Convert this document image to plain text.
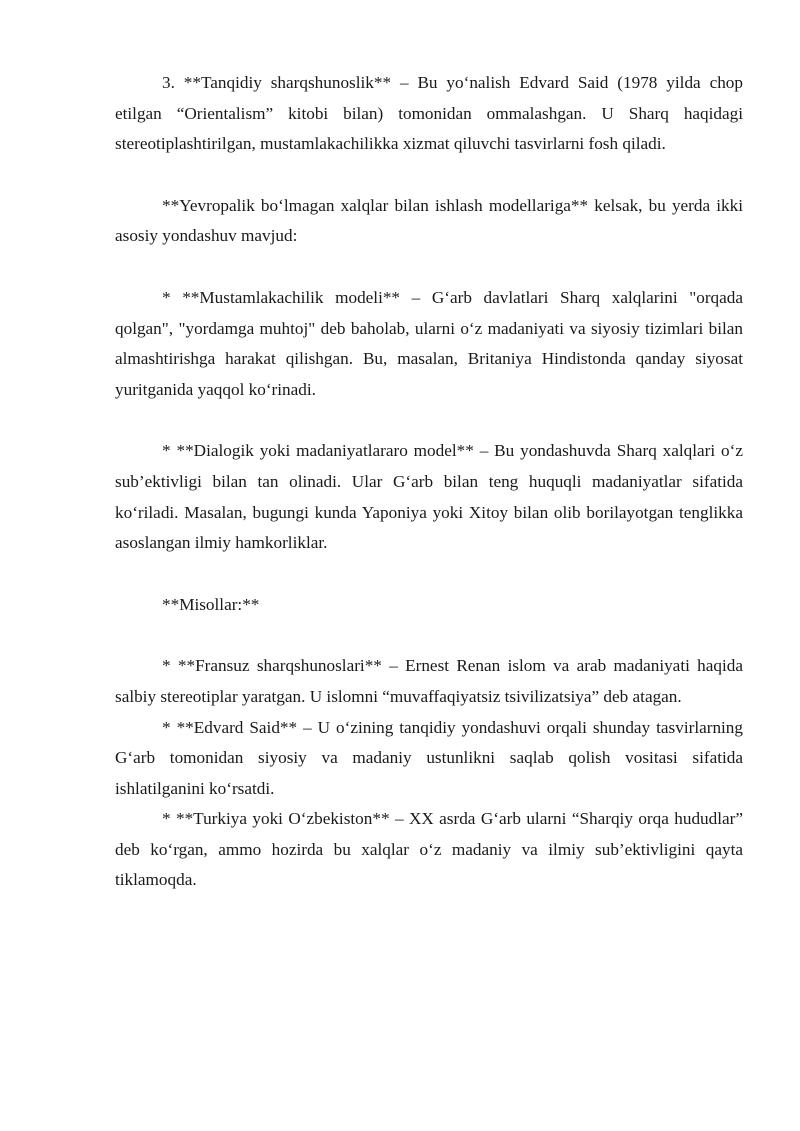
3. **Tanqidiy sharqshunoslik** – Bu yo‘nalish Edvard Said (1978 yilda chop etilgan “Orientalism” kitobi bilan) tomonidan ommalashgan. U Sharq haqidagi stereotiplashtirilgan, mustamlakachilikka xizmat qiluvchi tasvirlarni fosh qiladi.

**Yevropalik bo‘lmagan xalqlar bilan ishlash modellariga** kelsak, bu yerda ikki asosiy yondashuv mavjud:

* **Mustamlakachilik modeli** – G‘arb davlatlari Sharq xalqlarini "orqada qolgan", "yordamga muhtoj" deb baholab, ularni o‘z madaniyati va siyosiy tizimlari bilan almashtirishga harakat qilishgan. Bu, masalan, Britaniya Hindistonda qanday siyosat yuritganida yaqqol ko‘rinadi.

* **Dialogik yoki madaniyatlararo model** – Bu yondashuvda Sharq xalqlari o‘z sub’ektivligi bilan tan olinadi. Ular G‘arb bilan teng huquqli madaniyatlar sifatida ko‘riladi. Masalan, bugungi kunda Yaponiya yoki Xitoy bilan olib borilayotgan tenglikka asoslangan ilmiy hamkorliklar.

**Misollar:**

* **Fransuz sharqshunoslari** – Ernest Renan islom va arab madaniyati haqida salbiy stereotiplar yaratgan. U islomni “muvaffaqiyatsiz tsivilizatsiya” deb atagan.

* **Edvard Said** – U o‘zining tanqidiy yondashuvi orqali shunday tasvirlarning G‘arb tomonidan siyosiy va madaniy ustunlikni saqlab qolish vositasi sifatida ishlatilganini ko‘rsatdi.

* **Turkiya yoki O‘zbekiston** – XX asrda G‘arb ularni “Sharqiy orqa hududlar” deb ko‘rgan, ammo hozirda bu xalqlar o‘z madaniy va ilmiy sub’ektivligini qayta tiklamoqda.
